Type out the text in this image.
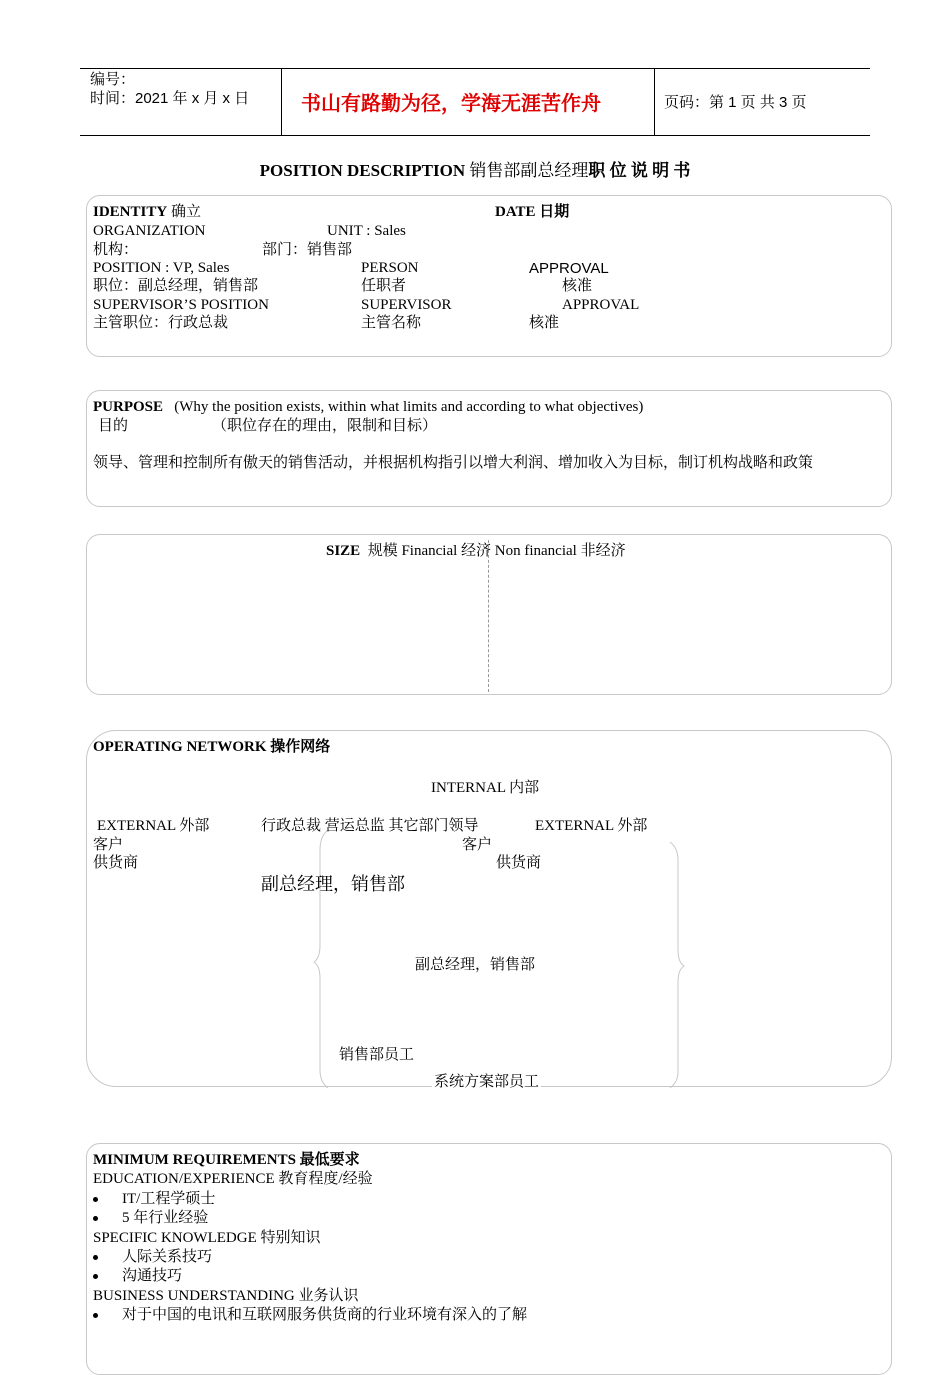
编号：
时间：2021 年 x 月 x 日	书山有路勤为径，学海无涯苦作舟	页码：第 1 页 共 3 页
POSITION DESCRIPTION 销售部副总经理职 位 说 明 书
IDENTITY 确立	DATE 日期
ORGANIZATION	UNIT : Sales
机构：	部门：销售部
POSITION : VP, Sales	PERSON	APPROVAL
职位：副总经理，销售部	任职者	核准
SUPERVISOR’S POSITION	SUPERVISOR	APPROVAL
主管职位：行政总裁	主管名称	核准
PURPOSE (Why the position exists, within what limits and according to what objectives)
目的	（职位存在的理由，限制和目标）
领导、管理和控制所有傲天的销售活动，并根据机构指引以增大利润、增加收入为目标，制订机构战略和政策
SIZE 规模 Financial 经济 Non financial 非经济
OPERATING NETWORK 操作网络
INTERNAL 内部
EXTERNAL 外部	行政总裁 营运总监 其它部门领导	EXTERNAL 外部
客户	客户
供货商	供货商
副总经理，销售部
副总经理，销售部
销售部员工
系统方案部员工
MINIMUM REQUIREMENTS 最低要求
EDUCATION/EXPERIENCE 教育程度/经验
IT/工程学硕士
5 年行业经验
SPECIFIC KNOWLEDGE 特别知识
人际关系技巧
沟通技巧
BUSINESS UNDERSTANDING 业务认识
对于中国的电讯和互联网服务供货商的行业环境有深入的了解
